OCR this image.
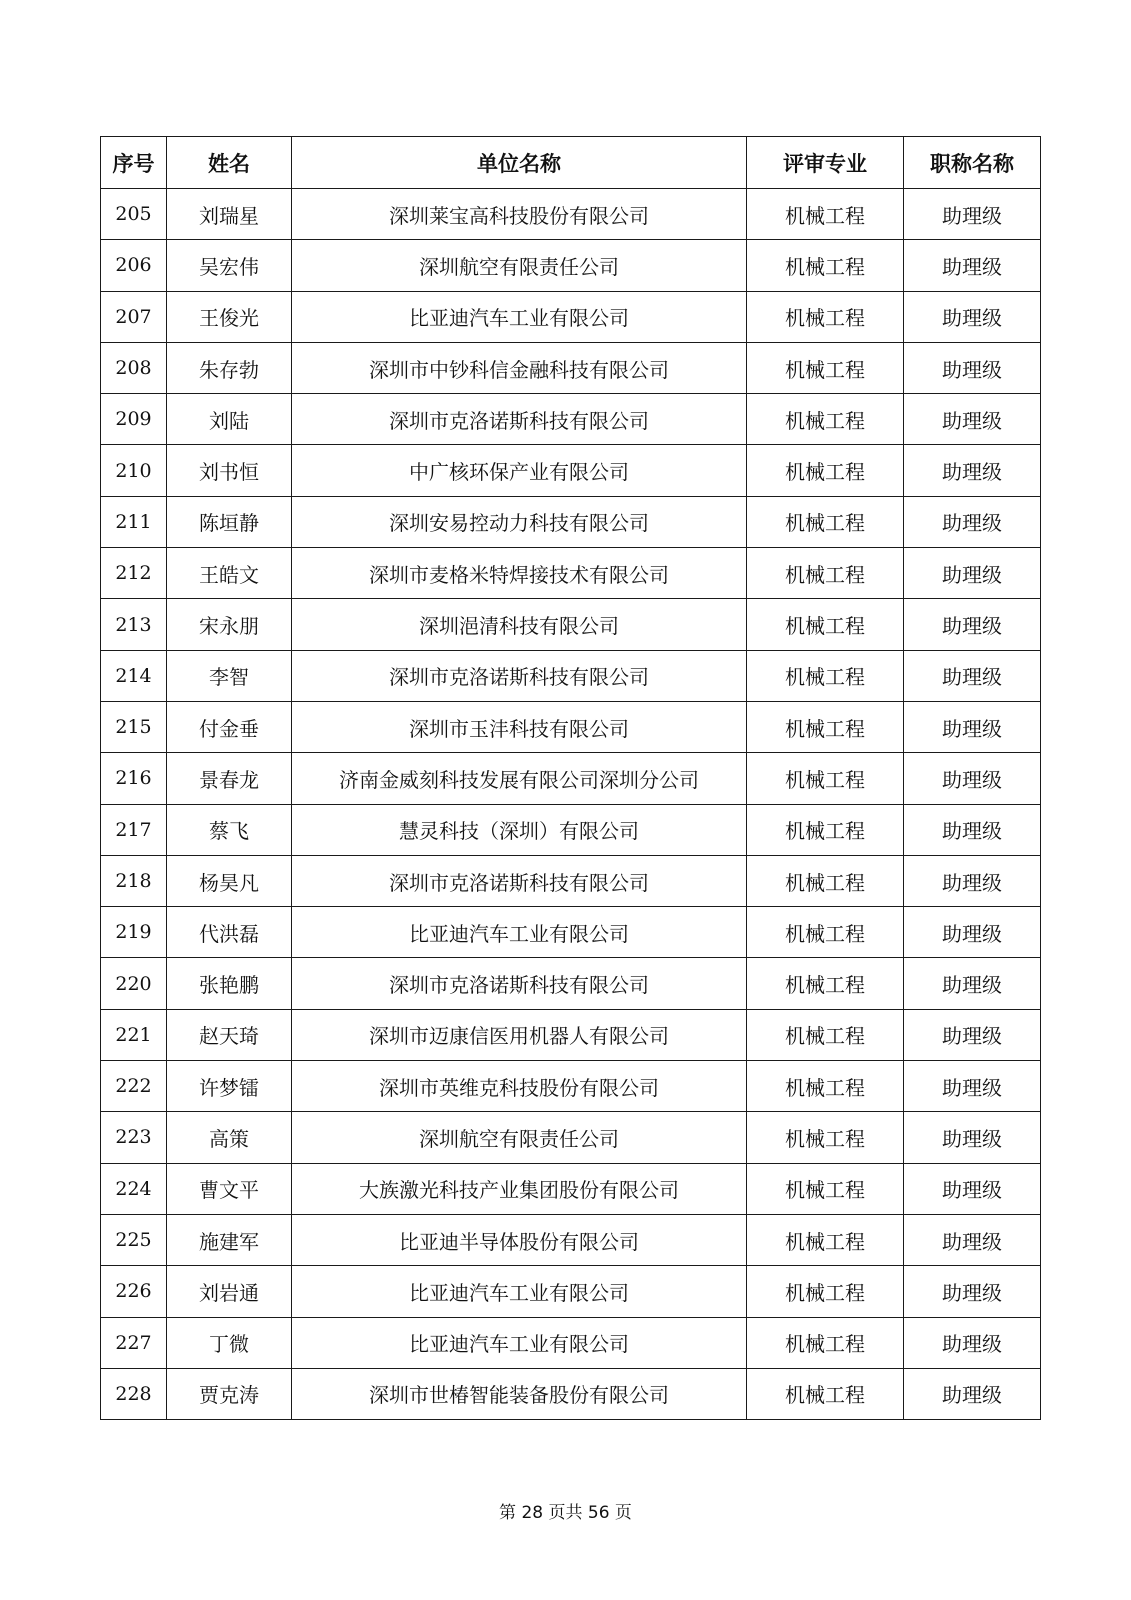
序号	姓名	单位名称	评审专业	职称名称
205	刘瑞星	深圳莱宝高科技股份有限公司	机械工程	助理级
206	吴宏伟	深圳航空有限责任公司	机械工程	助理级
207	王俊光	比亚迪汽车工业有限公司	机械工程	助理级
208	朱存勃	深圳市中钞科信金融科技有限公司	机械工程	助理级
209	刘陆	深圳市克洛诺斯科技有限公司	机械工程	助理级
210	刘书恒	中广核环保产业有限公司	机械工程	助理级
211	陈垣静	深圳安易控动力科技有限公司	机械工程	助理级
212	王皓文	深圳市麦格米特焊接技术有限公司	机械工程	助理级
213	宋永朋	深圳浥清科技有限公司	机械工程	助理级
214	李智	深圳市克洛诺斯科技有限公司	机械工程	助理级
215	付金垂	深圳市玉沣科技有限公司	机械工程	助理级
216	景春龙	济南金威刻科技发展有限公司深圳分公司	机械工程	助理级
217	蔡飞	慧灵科技（深圳）有限公司	机械工程	助理级
218	杨昊凡	深圳市克洛诺斯科技有限公司	机械工程	助理级
219	代洪磊	比亚迪汽车工业有限公司	机械工程	助理级
220	张艳鹏	深圳市克洛诺斯科技有限公司	机械工程	助理级
221	赵天琦	深圳市迈康信医用机器人有限公司	机械工程	助理级
222	许梦镭	深圳市英维克科技股份有限公司	机械工程	助理级
223	高策	深圳航空有限责任公司	机械工程	助理级
224	曹文平	大族激光科技产业集团股份有限公司	机械工程	助理级
225	施建军	比亚迪半导体股份有限公司	机械工程	助理级
226	刘岩通	比亚迪汽车工业有限公司	机械工程	助理级
227	丁微	比亚迪汽车工业有限公司	机械工程	助理级
228	贾克涛	深圳市世椿智能装备股份有限公司	机械工程	助理级
第 28 页共 56 页
